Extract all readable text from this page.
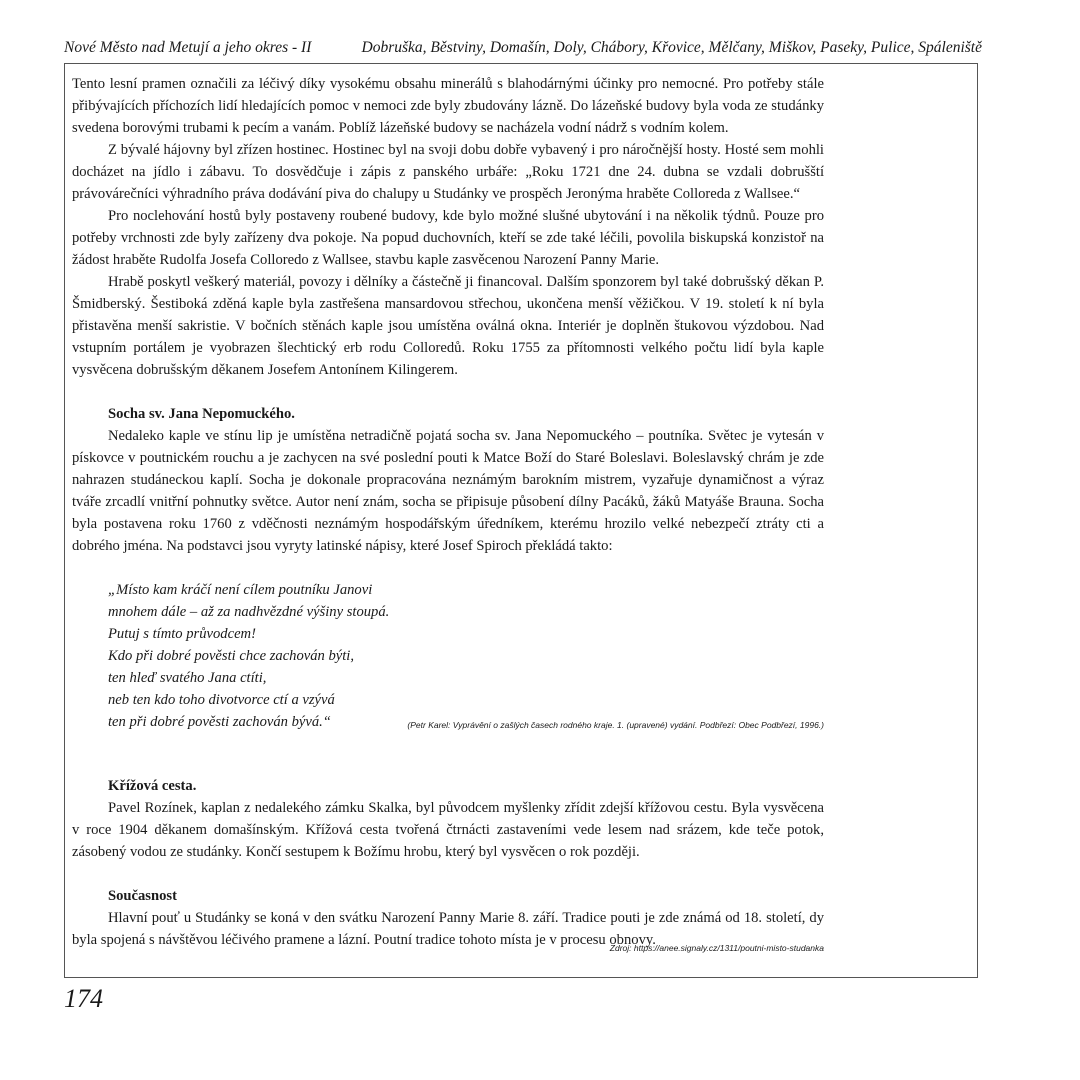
Nové Město nad Metují a jeho okres - II	Dobruška, Běstviny, Domašín, Doly, Chábory, Křovice, Mělčany, Miškov, Paseky, Pulice, Spáleniště

Tento lesní pramen označili za léčivý díky vysokému obsahu minerálů s blahodárnými účinky pro nemocné. Pro potřeby stále přibývajících příchozích lidí hledajících pomoc v nemoci zde byly zbudovány lázně. Do lázeňské budovy byla voda ze studánky svedena borovými trubami k pecím a vanám. Poblíž lázeňské budovy se nacházela vodní nádrž s vodním kolem.

Z bývalé hájovny byl zřízen hostinec. Hostinec byl na svoji dobu dobře vybavený i pro náročnější hosty. Hosté sem mohli docházet na jídlo i zábavu. To dosvědčuje i zápis z panského urbáře: „Roku 1721 dne 24. dubna se vzdali dobrušští právovárečníci výhradního práva dodávání piva do chalupy u Studánky ve prospěch Jeronýma hraběte Colloreda z Wallsee.“

Pro noclehování hostů byly postaveny roubené budovy, kde bylo možné slušné ubytování i na několik týdnů. Pouze pro potřeby vrchnosti zde byly zařízeny dva pokoje. Na popud duchovních, kteří se zde také léčili, povolila biskupská konzistoř na žádost hraběte Rudolfa Josefa Colloredo z Wallsee, stavbu kaple zasvěcenou Narození Panny Marie.

Hrabě poskytl veškerý materiál, povozy i dělníky a částečně ji financoval. Dalším sponzorem byl také dobrušský děkan P. Šmidberský. Šestiboká zděná kaple byla zastřešena mansardovou střechou, ukončena menší věžičkou. V 19. století k ní byla přistavěna menší sakristie. V bočních stěnách kaple jsou umístěna oválná okna. Interiér je doplněn štukovou výzdobou. Nad vstupním portálem je vyobrazen šlechtický erb rodu Colloredů. Roku 1755 za přítomnosti velkého počtu lidí byla kaple vysvěcena dobrušským děkanem Josefem Antonínem Kilingerem.

Socha sv. Jana Nepomuckého.

Nedaleko kaple ve stínu lip je umístěna netradičně pojatá socha sv. Jana Nepomuckého – poutníka. Světec je vytesán v pískovce v poutnickém rouchu a je zachycen na své poslední pouti k Matce Boží do Staré Boleslavi. Boleslavský chrám je zde nahrazen studáneckou kaplí. Socha je dokonale propracována neznámým barokním mistrem, vyzařuje dynamičnost a výraz tváře zrcadlí vnitřní pohnutky světce. Autor není znám, socha se připisuje působení dílny Pacáků, žáků Matyáše Brauna. Socha byla postavena roku 1760 z vděčnosti neznámým hospodářským úředníkem, kterému hrozilo velké nebezpečí ztráty cti a dobrého jména. Na podstavci jsou vyryty latinské nápisy, které Josef Spiroch překládá takto:

„Místo kam kráčí není cílem poutníku Janovi
mnohem dále – až za nadhvězdné výšiny stoupá.
Putuj s tímto průvodcem!
Kdo při dobré pověsti chce zachován býti,
ten hleď svatého Jana ctíti,
neb ten kdo toho divotvorce ctí a vzývá
ten při dobré pověsti zachován bývá.“	(Petr Karel: Vyprávění o zašlých časech rodného kraje. 1. (upravené) vydání. Podbřezí: Obec Podbřezí, 1996.)

Křížová cesta.

Pavel Rozínek, kaplan z nedalekého zámku Skalka, byl původcem myšlenky zřídit zdejší křížovou cestu. Byla vysvěcena v roce 1904 děkanem domašínským. Křížová cesta tvořená čtrnácti zastaveními vede lesem nad srázem, kde teče potok, zásobený vodou ze studánky. Končí sestupem k Božímu hrobu, který byl vysvěcen o rok později.

Současnost

Hlavní pouť u Studánky se koná v den svátku Narození Panny Marie 8. září. Tradice pouti je zde známá od 18. století, dy byla spojená s návštěvou léčivého pramene a lázní. Poutní tradice tohoto místa je v procesu obnovy.

Zdroj: https://anee.signaly.cz/1311/poutni-misto-studanka
174
